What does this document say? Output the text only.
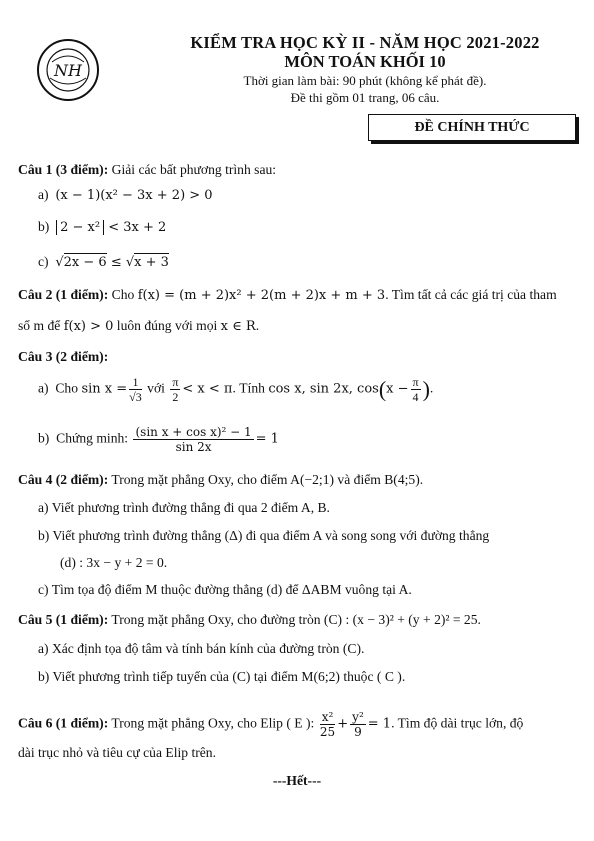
NH
KIỂM TRA HỌC KỲ II - NĂM HỌC 2021-2022
MÔN TOÁN KHỐI 10
Thời gian làm bài: 90 phút (không kể phát đề).
Đề thi gồm 01 trang, 06 câu.
ĐỀ CHÍNH THỨC
Câu 1 (3 điểm): Giải các bất phương trình sau:
a) (x − 1)(x² − 3x + 2) > 0
b) 2 − x² < 3x + 2
c) √2x − 6 ≤ √x + 3
Câu 2 (1 điểm): Cho f(x) = (m + 2)x² + 2(m + 2)x + m + 3. Tìm tất cả các giá trị của tham
số m để f(x) > 0 luôn đúng với mọi x ∈ R.
Câu 3 (2 điểm):
a) Cho $\sin x = \frac{1}{√3}$ với $\frac{\pi}{2} < x < \pi$. Tính cos x, sin 2x, $\cos(x - \frac{\pi}{4}$ ).
b) Chứng minh: $\frac{\text{(sin x + cos x)² − 1}}{\sin 2x} = 1$
Câu 4 (2 điểm): Trong mặt phẳng Oxy, cho điểm A(−2;1) và điểm B(4;5).
a) Viết phương trình đường thẳng đi qua 2 điểm A, B.
b) Viết phương trình đường thẳng (Δ) đi qua điểm A và song song với đường thẳng
(d) : 3x − y + 2 = 0.
c) Tìm tọa độ điểm M thuộc đường thẳng (d) để ΔABM vuông tại A.
Câu 5 (1 điểm): Trong mặt phẳng Oxy, cho đường tròn (C) : (x − 3)² + (y + 2)² = 25.
a) Xác định tọa độ tâm và tính bán kính của đường tròn (C).
b) Viết phương trình tiếp tuyến của (C) tại điểm M(6;2) thuộc ( C ).
Câu 6 (1 điểm): Trong mặt phẳng Oxy, cho Elip ( E ): $\frac{\text{x²}}{25} + \frac{\text{y²}}{9} = 1$. Tìm độ dài trục lớn, độ
dài trục nhỏ và tiêu cự của Elip trên.
---Hết---
